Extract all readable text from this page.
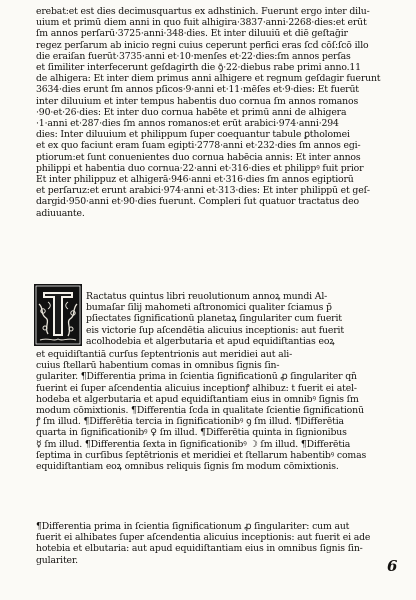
erebat:et est dies decimusquartus ex adhstinich. Fuerunt ergo inter dilu-
uium et primū diem anni in quo fuit alhigira·3837·anni·2268·dies:et erūt
ſm annos perſarū·3725·anni·348·dies. Et inter diluuiū et diē geſtaḡir
regez perſarum ab inicio regni cuius ceperunt perfici eras ſcḋ cōſ:ſcō illo
die eraiſan fuerūt·3735·anni et·10·menſes et·22·dies:ſm annos perſas
et ſimiliter interfecerunt geſdagirth die ꝯ̄·22·diebus rabe primi anno.11
de alhigera: Et inter diem primus anni alhigere et regnum geſdagir fuerunt
3634·dies erunt ſm annos pſicos·9·anni et·11·mēſes et·9·dies: Et fuerūt
inter diluuium et inter tempus habentis duo cornua ſm annos romanos
·90·et·26·dies: Et inter duo cornua habēte et primū anni de alhigera
·1·anni et·287·dies ſm annos romanos:et erūt arabici·974·anni·294
dies: Inter diluuium et philippum ſuper coequantur tabule ꝑtholomei
et ex quo faciunt eram ſuam egipti·2778·anni et·232·dies ſm annos egi-
ptiorum:et ſunt conuenientes duo cornua habēcia annis: Et inter annos
philippi et habentia duo cornua·22·anni et·316·dies et philippꝰ fuit prior
Et inter philippuz et alhigerā·946·anni et·316·dies ſm annos egiptiorū
et perſaruz:et erunt arabici·974·anni et·313·dies: Et inter philippū et geſ-
dargid·950·anni et·90·dies fuerunt. Compleri ſut quatuor tractatus deo
adiuuante.
Ractatus quintus libri reuolutionum annoꝝ mundi Al-
bumaſar ſilij mahometi aſtronomici qualiter ſciamus p̄
pſiectates ſignificationū planetaꝝ ſingulariter cum fuerit
eis victorie ſup aſcendētia alicuius inceptionis: aut fuerit
acolhodebia et algerbutaria et apud equidiſtantias eoꝝ
et equidiſtantiā curſus ſeptentrionis aut meridiei aut ali-
cuius ſtellarū habentium comas in omnibus ſignis ſin-
gulariter. ¶Differentia prima in ſcientia ſignificationū ꝓ ſingulariter qn̄
fuerint ei ſuper aſcendentia alicuius inceptionꝭ alhibuz: t fuerit ei atel-
hodeba et algerbutaria et apud equidiſtantiam eius in omnibꝰ ſignis ſm
modum cōmixtionis. ¶Differentia ſcḋa in qualitate ſcientie ſignificationū
ꝭ ſm illud. ¶Differētia tercia in ſignificationibꝰ ꝯ ſm illud. ¶Differētia
quarta in ſignificationibꝰ ♀ ſm illud. ¶Differētia quinta in ſignionibus
☿ ſm illud. ¶Differentia ſexta in ſignificationibꝰ ☽ ſm illud. ¶Differētia
ſeptima in curſibus ſeptētrionis et meridiei et ſtellarum habentibꝰ comas
equidiſtantiam eoꝝ omnibus reliquis ſignis ſm modum cōmixtionis.
¶Differentia prima in ſcientia ſignificationum ꝓ ſingulariter: cum aut
fuerit ei alhibates ſuper aſcendentia alicuius inceptionis: aut fuerit ei ade
hotebia et elbutaria: aut apud equidiſtantiam eius in omnibus ſignis ſin-
gulariter.	6
